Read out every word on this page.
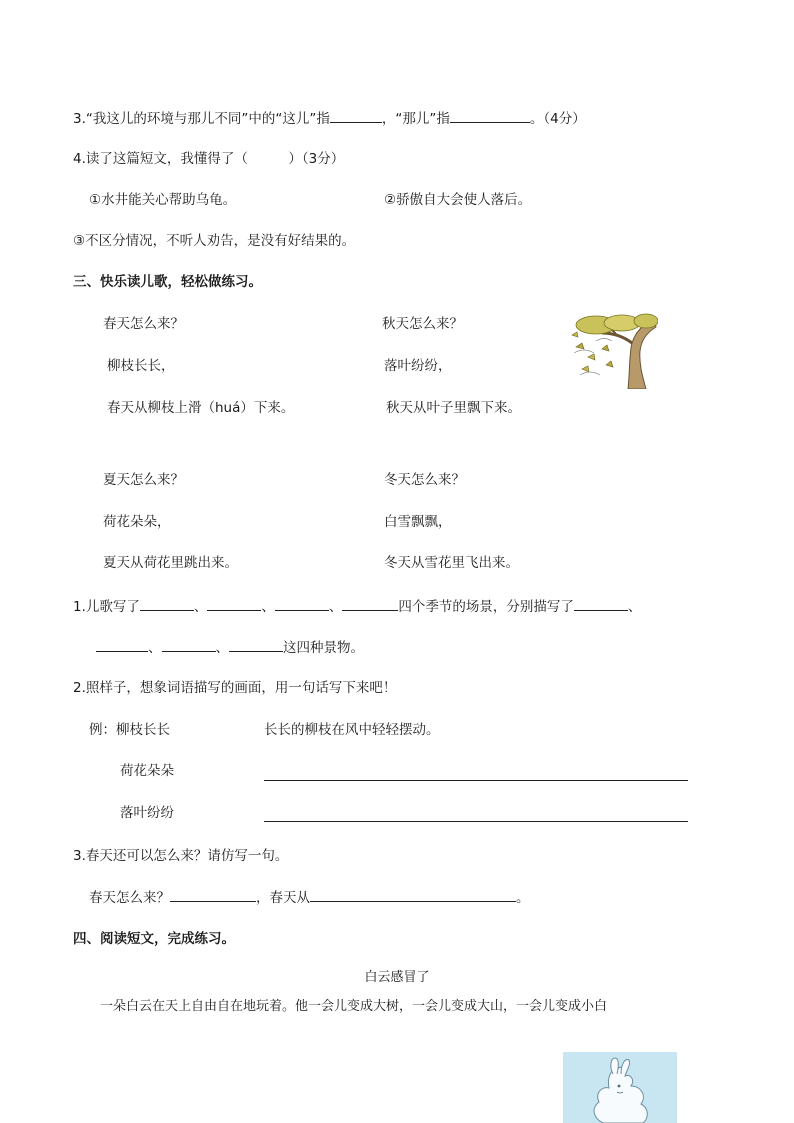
3.“我这儿的环境与那儿不同”中的“这儿”指	，“那儿”指	。（4分）
4.读了这篇短文，我懂得了（　　　）（3分）
①水井能关心帮助乌龟。	②骄傲自大会使人落后。
③不区分情况，不听人劝告，是没有好结果的。
三、快乐读儿歌，轻松做练习。
春天怎么来？
柳枝长长，
春天从柳枝上滑（huá）下来。
秋天怎么来？
落叶纷纷，
秋天从叶子里飘下来。
夏天怎么来？
荷花朵朵，
夏天从荷花里跳出来。
冬天怎么来？
白雪飘飘，
冬天从雪花里飞出来。
1.儿歌写了	、	、	、	四个季节的场景，分别描写了	、
、	、	这四种景物。
2.照样子，想象词语描写的画面，用一句话写下来吧！
例：柳枝长长	长长的柳枝在风中轻轻摆动。
荷花朵朵
落叶纷纷
3.春天还可以怎么来？请仿写一句。
春天怎么来？	，春天从	。
四、阅读短文，完成练习。
白云感冒了
一朵白云在天上自由自在地玩着。他一会儿变成大树，一会儿变成大山，一会儿变成小白
